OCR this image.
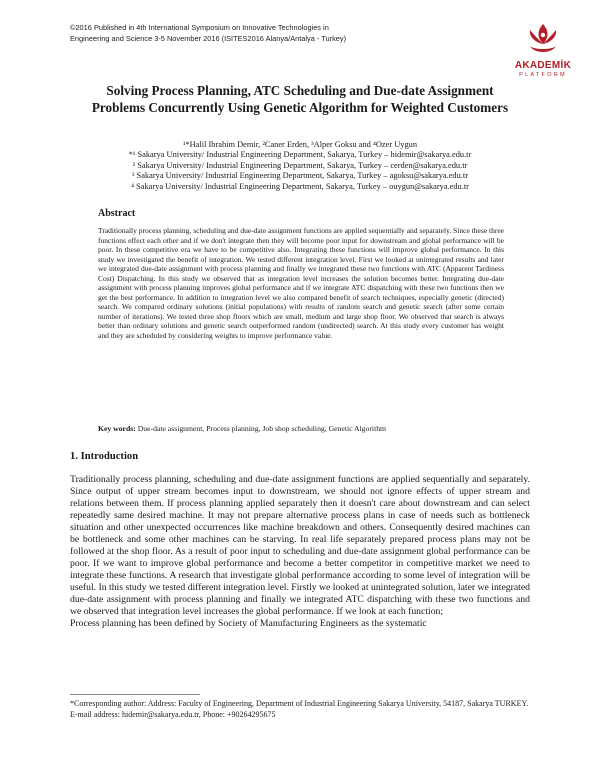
©2016 Published in 4th International Symposium on Innovative Technologies in
Engineering and Science 3-5 November 2016 (ISITES2016 Alanya/Antalya - Turkey)
AKADEMİK
PLATFORM
Solving Process Planning, ATC Scheduling and Due-date Assignment
Problems Concurrently Using Genetic Algorithm for Weighted Customers
¹*Halil Ibrahim Demir, ²Caner Erden, ³Alper Goksu and ⁴Ozer Uygun
*¹ Sakarya University/ Industrial Engineering Department, Sakarya, Turkey – hidemir@sakarya.edu.tr
² Sakarya University/ Industrial Engineering Department, Sakarya, Turkey – cerden@sakarya.edu.tr
³ Sakarya University/ Industrial Engineering Department, Sakarya, Turkey – agoksu@sakarya.edu.tr
⁴ Sakarya University/ Industrial Engineering Department, Sakarya, Turkey – ouygun@sakarya.edu.tr
Abstract
Traditionally process planning, scheduling and due-date assignment functions are applied sequentially and separately. Since these three functions effect each other and if we don't integrate then they will become poor input for downstream and global performance will be poor. In these competitive era we have to be competitive also. Integrating these functions will improve global performance. In this study we investigated the benefit of integration. We tested different integration level. First we looked at unintegrated results and later we integrated due-date assignment with process planning and finally we integrated these two functions with ATC (Apparent Tardiness Cost) Dispatching. In this study we observed that as integration level increases the solution becomes better. Integrating due-date assignment with process planning improves global performance and if we integrate ATC dispatching with these two functions then we get the best performance. In addition to integration level we also compared benefit of search techniques, especially genetic (directed) search. We compared ordinary solutions (initial populations) with results of random search and genetic search (after some certain number of iterations). We tested three shop floors which are small, medium and large shop floor. We observed that search is always better than ordinary solutions and genetic search outperformed random (undirected) search. At this study every customer has weight and they are scheduled by considering weights to improve performance value.
Key words: Due-date assignment, Process planning, Job shop scheduling, Genetic Algorithm
1. Introduction

Traditionally process planning, scheduling and due-date assignment functions are applied sequentially and separately. Since output of upper stream becomes input to downstream, we should not ignore effects of upper stream and relations between them. If process planning applied separately then it doesn't care about downstream and can select repeatedly same desired machine. It may not prepare alternative process plans in case of needs such as bottleneck situation and other unexpected occurrences like machine breakdown and others. Consequently desired machines can be bottleneck and some other machines can be starving. In real life separately prepared process plans may not be followed at the shop floor. As a result of poor input to scheduling and due-date assignment global performance can be poor. If we want to improve global performance and become a better competitor in competitive market we need to integrate these functions. A research that investigate global performance according to some level of integration will be useful. In this study we tested different integration level. Firstly we looked at unintegrated solution, later we integrated due-date assignment with process planning and finally we integrated ATC dispatching with these two functions and we observed that integration level increases the global performance. If we look at each function;

Process planning has been defined by Society of Manufacturing Engineers as the systematic

*Corresponding author: Address: Faculty of Engineering, Department of Industrial Engineering Sakarya University, 54187, Sakarya TURKEY. E-mail address: hidemir@sakarya.edu.tr, Phone: +90264295675
